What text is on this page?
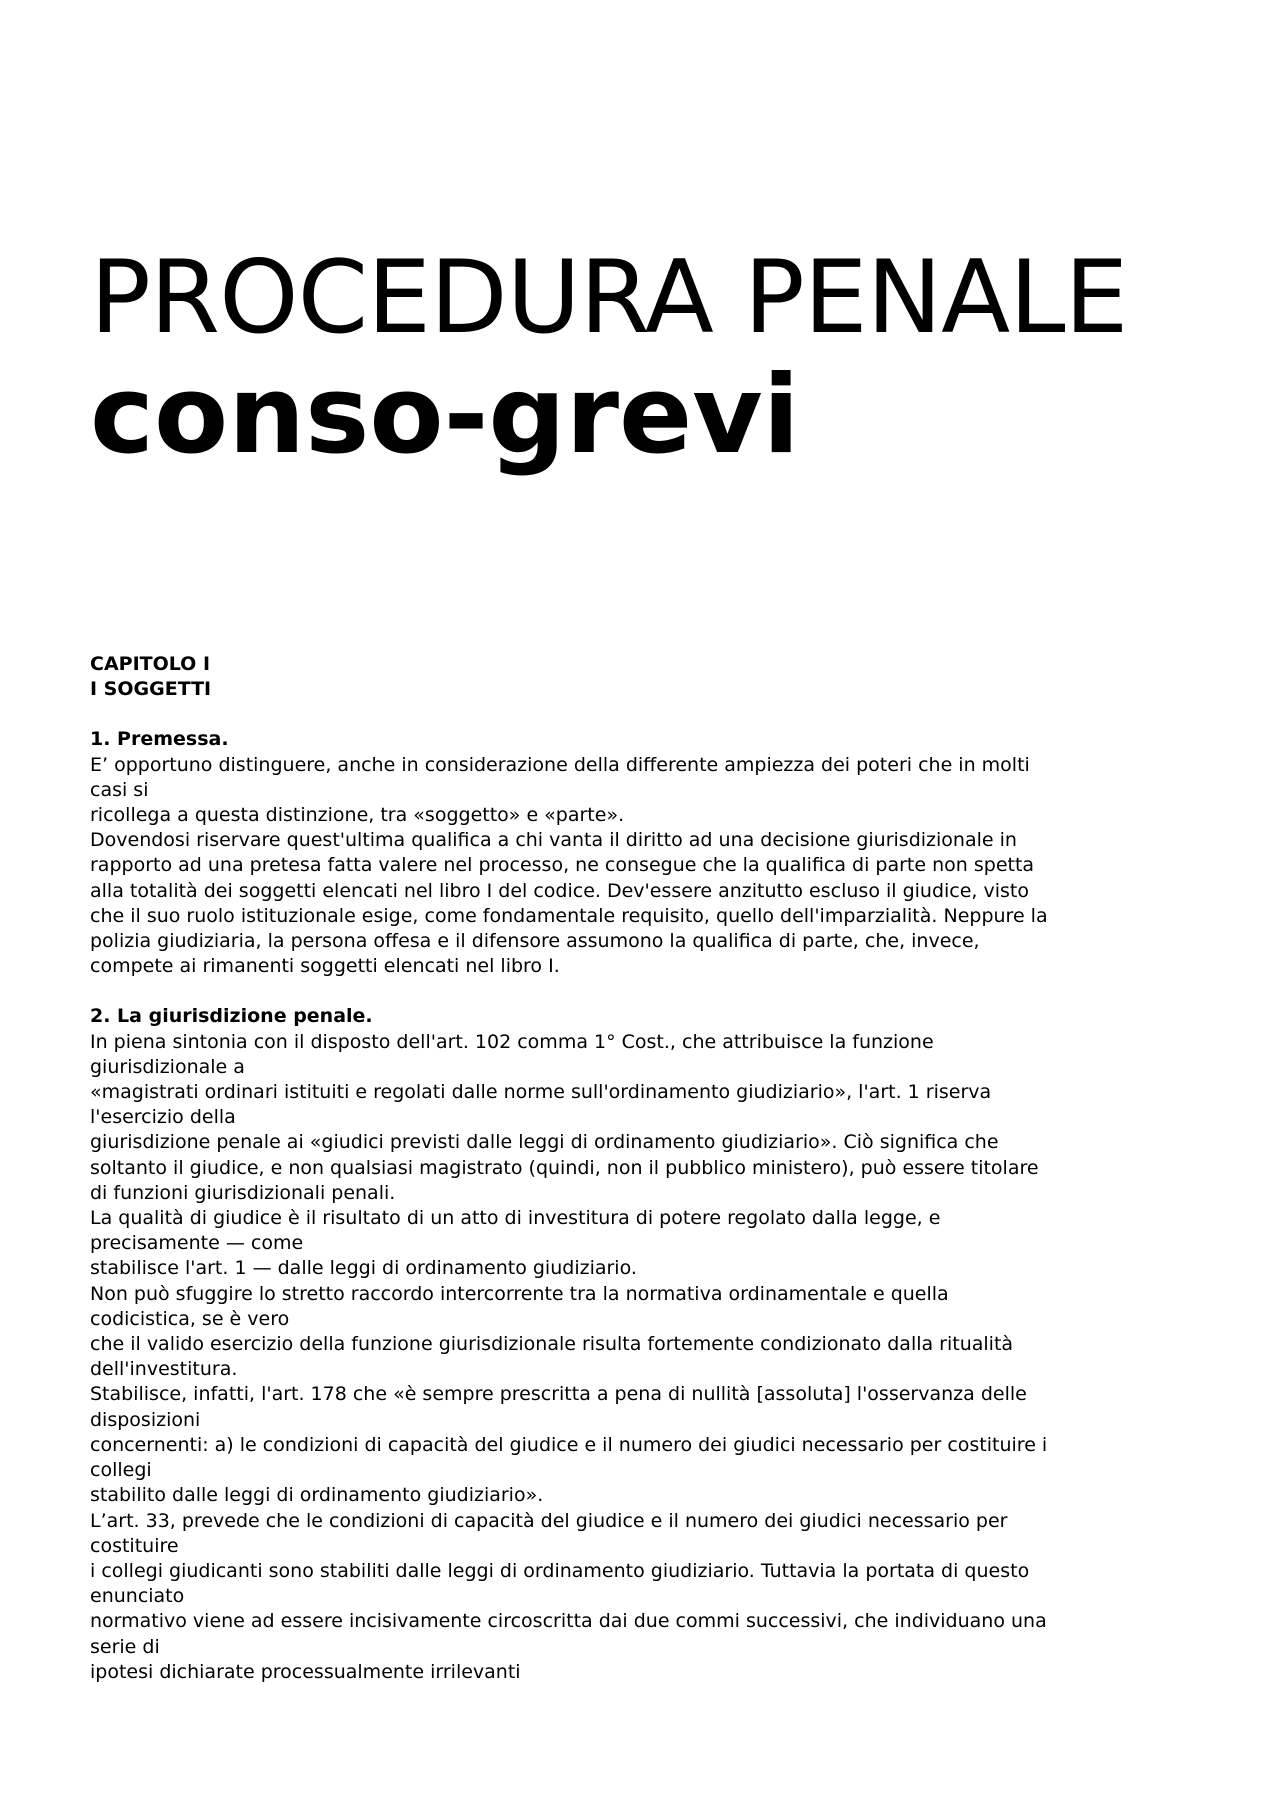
PROCEDURA PENALE
conso-grevi
CAPITOLO I
I SOGGETTI
1. Premessa.
E’ opportuno distinguere, anche in considerazione della differente ampiezza dei poteri che in molti
casi si
ricollega a questa distinzione, tra «soggetto» e «parte».
Dovendosi riservare quest'ultima qualifica a chi vanta il diritto ad una decisione giurisdizionale in
rapporto ad una pretesa fatta valere nel processo, ne consegue che la qualifica di parte non spetta
alla totalità dei soggetti elencati nel libro I del codice. Dev'essere anzitutto escluso il giudice, visto
che il suo ruolo istituzionale esige, come fondamentale requisito, quello dell'imparzialità. Neppure la
polizia giudiziaria, la persona offesa e il difensore assumono la qualifica di parte, che, invece,
compete ai rimanenti soggetti elencati nel libro I.
2. La giurisdizione penale.
In piena sintonia con il disposto dell'art. 102 comma 1° Cost., che attribuisce la funzione
giurisdizionale a
«magistrati ordinari istituiti e regolati dalle norme sull'ordinamento giudiziario», l'art. 1 riserva
l'esercizio della
giurisdizione penale ai «giudici previsti dalle leggi di ordinamento giudiziario». Ciò significa che
soltanto il giudice, e non qualsiasi magistrato (quindi, non il pubblico ministero), può essere titolare
di funzioni giurisdizionali penali.
La qualità di giudice è il risultato di un atto di investitura di potere regolato dalla legge, e
precisamente — come
stabilisce l'art. 1 — dalle leggi di ordinamento giudiziario.
Non può sfuggire lo stretto raccordo intercorrente tra la normativa ordinamentale e quella
codicistica, se è vero
che il valido esercizio della funzione giurisdizionale risulta fortemente condizionato dalla ritualità
dell'investitura.
Stabilisce, infatti, l'art. 178 che «è sempre prescritta a pena di nullità [assoluta] l'osservanza delle
disposizioni
concernenti: a) le condizioni di capacità del giudice e il numero dei giudici necessario per costituire i
collegi
stabilito dalle leggi di ordinamento giudiziario».
L’art. 33, prevede che le condizioni di capacità del giudice e il numero dei giudici necessario per
costituire
i collegi giudicanti sono stabiliti dalle leggi di ordinamento giudiziario. Tuttavia la portata di questo
enunciato
normativo viene ad essere incisivamente circoscritta dai due commi successivi, che individuano una
serie di
ipotesi dichiarate processualmente irrilevanti
